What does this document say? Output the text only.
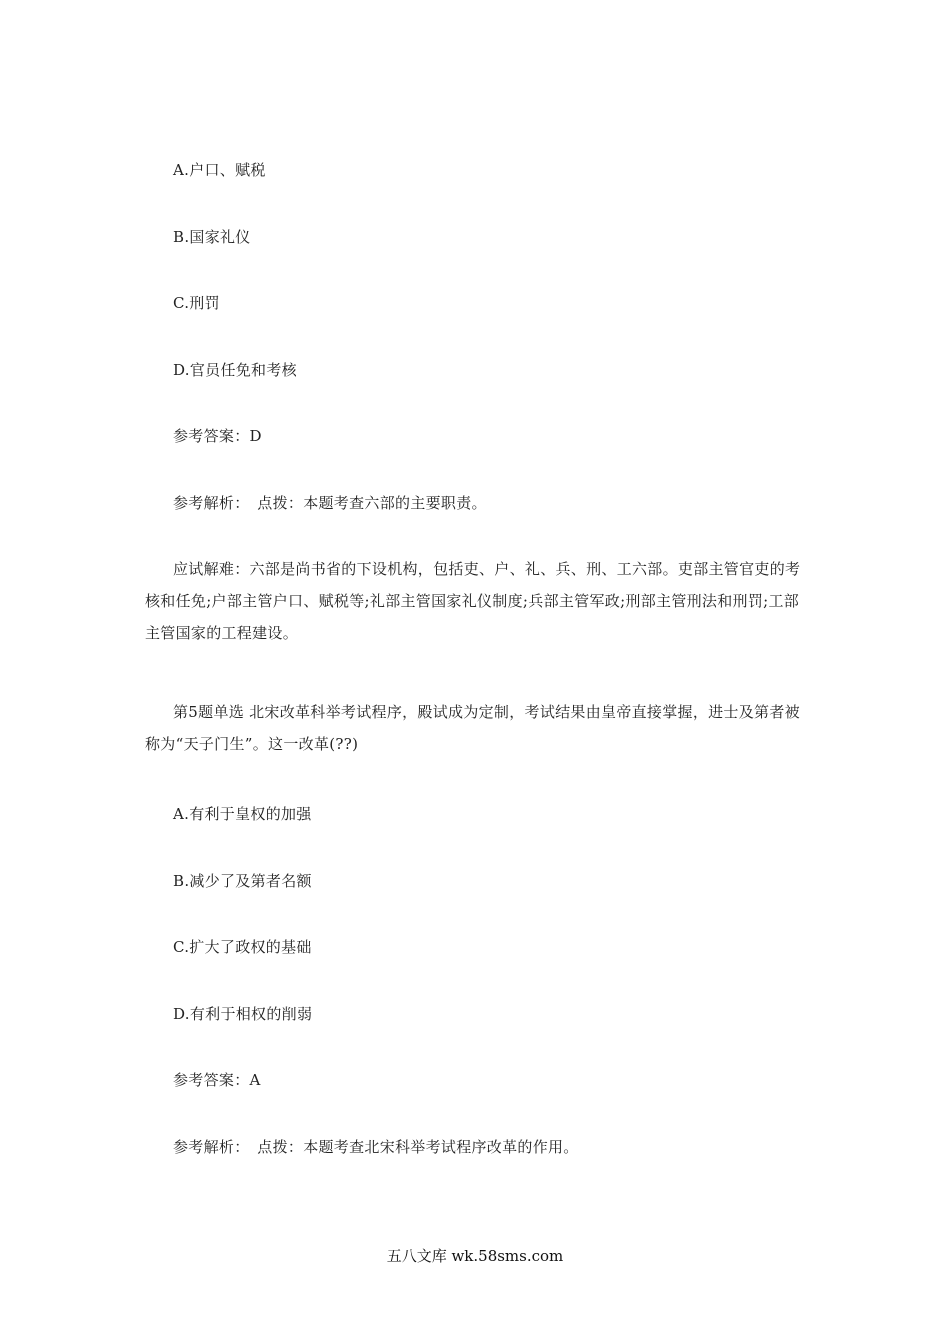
A.户口、赋税
B.国家礼仪
C.刑罚
D.官员任免和考核
参考答案：D
参考解析：　点拨：本题考查六部的主要职责。
应试解难：六部是尚书省的下设机构，包括吏、户、礼、兵、刑、工六部。吏部主管官吏的考核和任免;户部主管户口、赋税等;礼部主管国家礼仪制度;兵部主管军政;刑部主管刑法和刑罚;工部主管国家的工程建设。
第5题单选 北宋改革科举考试程序，殿试成为定制，考试结果由皇帝直接掌握，进士及第者被称为“天子门生”。这一改革(??)
A.有利于皇权的加强
B.减少了及第者名额
C.扩大了政权的基础
D.有利于相权的削弱
参考答案：A
参考解析：　点拨：本题考查北宋科举考试程序改革的作用。
五八文库 wk.58sms.com
